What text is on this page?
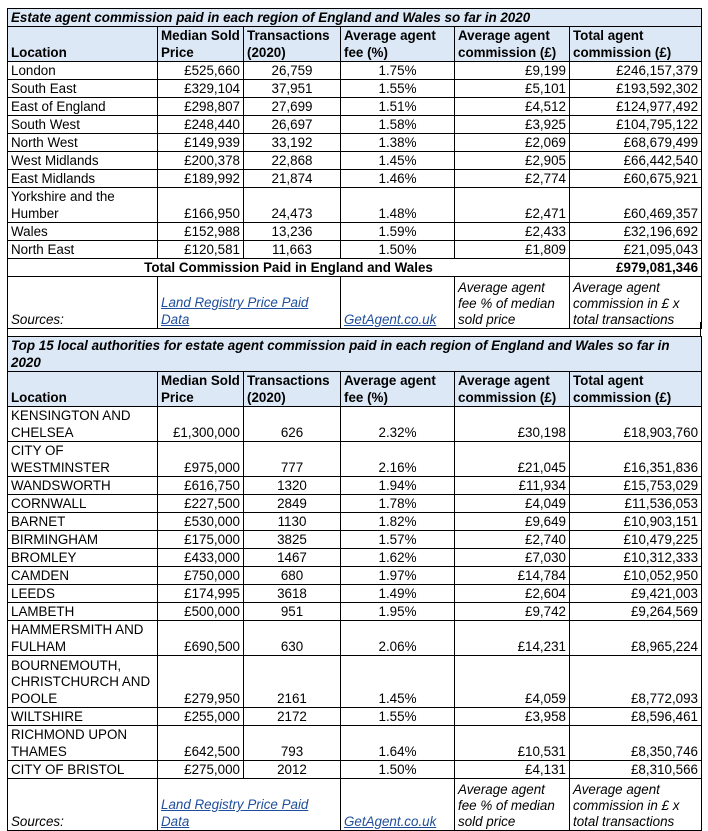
Estate agent commission paid in each region of England and Wales so far in 2020					
Location	Median Sold Price	Transactions (2020)	Average agent fee (%)	Average agent commission (£)	Total agent commission (£)
London	£525,660	26,759	1.75%	£9,199	£246,157,379
South East	£329,104	37,951	1.55%	£5,101	£193,592,302
East of England	£298,807	27,699	1.51%	£4,512	£124,977,492
South West	£248,440	26,697	1.58%	£3,925	£104,795,122
North West	£149,939	33,192	1.38%	£2,069	£68,679,499
West Midlands	£200,378	22,868	1.45%	£2,905	£66,442,540
East Midlands	£189,992	21,874	1.46%	£2,774	£60,675,921
Yorkshire and the Humber	£166,950	24,473	1.48%	£2,471	£60,469,357
Wales	£152,988	13,236	1.59%	£2,433	£32,196,692
North East	£120,581	11,663	1.50%	£1,809	£21,095,043
Total Commission Paid in England and Wales					£979,081,346
Sources:	Land Registry Price Paid Data		GetAgent.co.uk	Average agent fee % of median sold price	Average agent commission in £ x total transactions
Top 15 local authorities for estate agent commission paid in each region of England and Wales so far in 2020					
Location	Median Sold Price	Transactions (2020)	Average agent fee (%)	Average agent commission (£)	Total agent commission (£)
KENSINGTON AND CHELSEA	£1,300,000	626	2.32%	£30,198	£18,903,760
CITY OF WESTMINSTER	£975,000	777	2.16%	£21,045	£16,351,836
WANDSWORTH	£616,750	1320	1.94%	£11,934	£15,753,029
CORNWALL	£227,500	2849	1.78%	£4,049	£11,536,053
BARNET	£530,000	1130	1.82%	£9,649	£10,903,151
BIRMINGHAM	£175,000	3825	1.57%	£2,740	£10,479,225
BROMLEY	£433,000	1467	1.62%	£7,030	£10,312,333
CAMDEN	£750,000	680	1.97%	£14,784	£10,052,950
LEEDS	£174,995	3618	1.49%	£2,604	£9,421,003
LAMBETH	£500,000	951	1.95%	£9,742	£9,264,569
HAMMERSMITH AND FULHAM	£690,500	630	2.06%	£14,231	£8,965,224
BOURNEMOUTH, CHRISTCHURCH AND POOLE	£279,950	2161	1.45%	£4,059	£8,772,093
WILTSHIRE	£255,000	2172	1.55%	£3,958	£8,596,461
RICHMOND UPON THAMES	£642,500	793	1.64%	£10,531	£8,350,746
CITY OF BRISTOL	£275,000	2012	1.50%	£4,131	£8,310,566
Sources:	Land Registry Price Paid Data		GetAgent.co.uk	Average agent fee % of median sold price	Average agent commission in £ x total transactions
